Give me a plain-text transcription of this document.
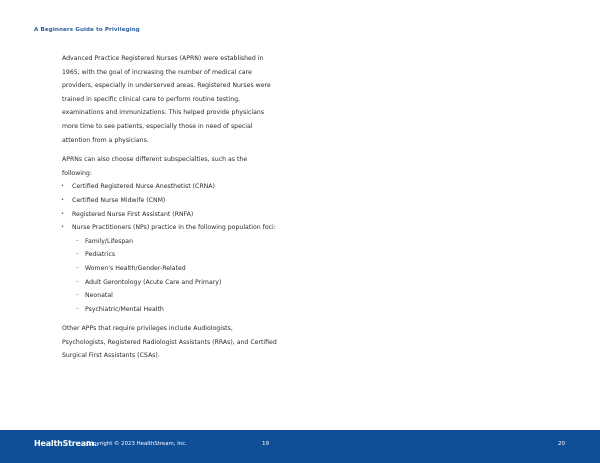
A Beginners Guide to Privileging

Advanced Practice Registered Nurses (APRN) were established in 1965, with the goal of increasing the number of medical care providers, especially in underserved areas. Registered Nurses were trained in specific clinical care to perform routine testing, examinations and immunizations. This helped provide physicians more time to see patients, especially those in need of special attention from a physicians.

APRNs can also choose different subspecialties, such as the following:

• Certified Registered Nurse Anesthetist (CRNA)
• Certified Nurse Midwife (CNM)
• Registered Nurse First Assistant (RNFA)
• Nurse Practitioners (NPs) practice in the following population foci:
– Family/Lifespan
– Pediatrics
– Women's Health/Gender-Related
– Adult Gerontology (Acute Care and Primary)
– Neonatal
– Psychiatric/Mental Health

Other APPs that require privileges include Audiologists, Psychologists, Registered Radiologist Assistants (RRAs), and Certified Surgical First Assistants (CSAs).

HealthStream.
Copyright © 2023 HealthStream, Inc.	19	20
